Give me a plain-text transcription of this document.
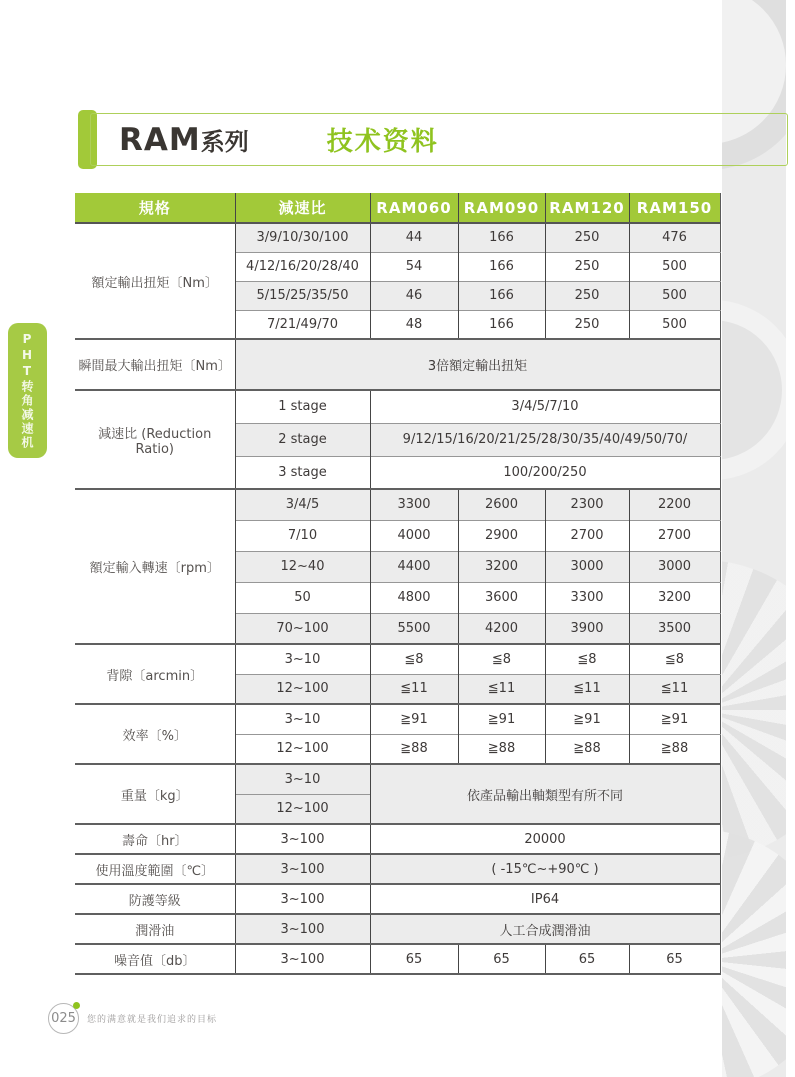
RAM 系列	技术资料
PHT转角减速机
規格	減速比	RAM060	RAM090	RAM120	RAM150
額定輸出扭矩〔Nm〕	3/9/10/30/100	44	166	250	476
	4/12/16/20/28/40	54	166	250	500
	5/15/25/35/50	46	166	250	500
	7/21/49/70	48	166	250	500
瞬間最大輸出扭矩〔Nm〕	3倍額定輸出扭矩				
減速比 (Reduction Ratio)	1 stage	3/4/5/7/10			
	2 stage	9/12/15/16/20/21/25/28/30/35/40/49/50/70/			
	3 stage	100/200/250			
額定輸入轉速〔rpm〕	3/4/5	3300	2600	2300	2200
	7/10	4000	2900	2700	2700
	12~40	4400	3200	3000	3000
	50	4800	3600	3300	3200
	70~100	5500	4200	3900	3500
背隙〔arcmin〕	3~10	≦8	≦8	≦8	≦8
	12~100	≦11	≦11	≦11	≦11
效率〔%〕	3~10	≧91	≧91	≧91	≧91
	12~100	≧88	≧88	≧88	≧88
重量〔kg〕	3~10	依產品輸出軸類型有所不同			
	12~100				
壽命〔hr〕	3~100	20000			
使用溫度範圍〔℃〕	3~100	( -15℃~+90℃ )			
防護等級	3~100	IP64			
潤滑油	3~100	人工合成潤滑油			
噪音值〔db〕	3~100	65	65	65	65
025 您的满意就是我们追求的目标
